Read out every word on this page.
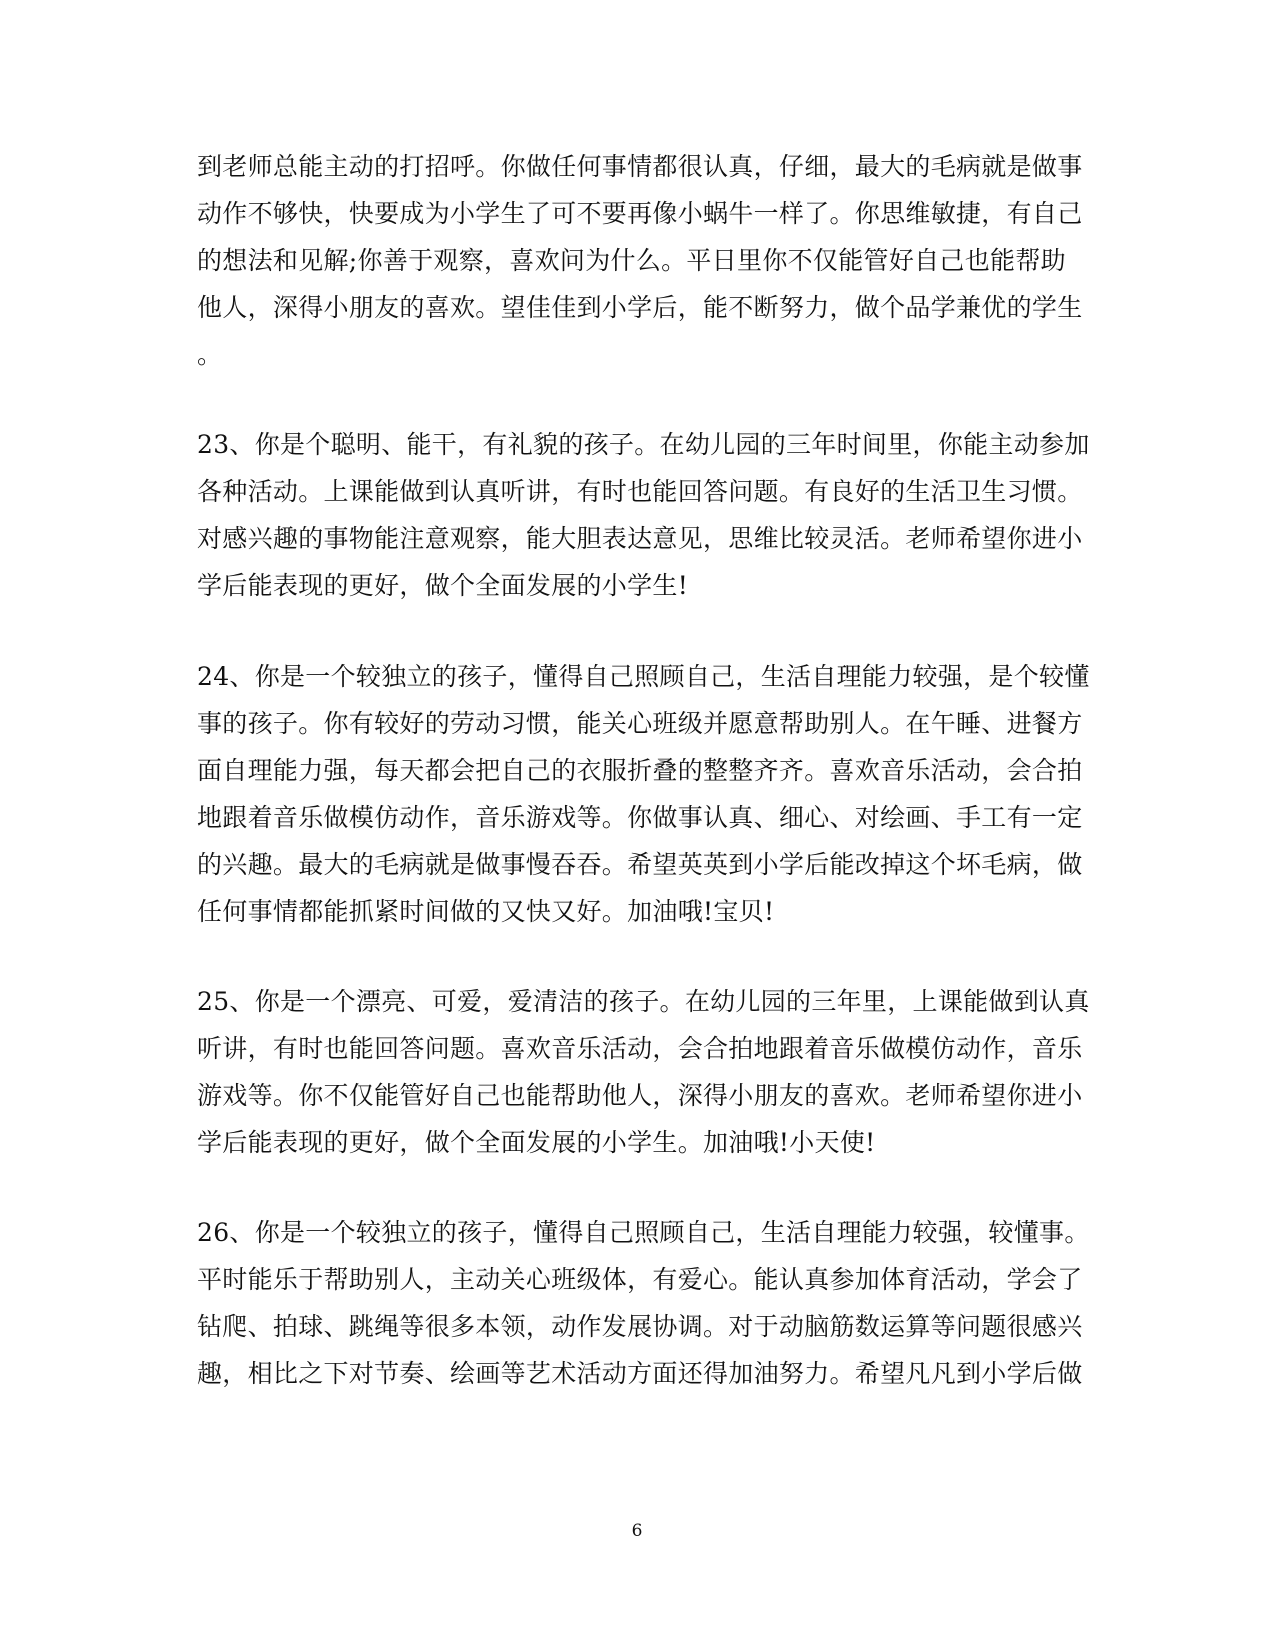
到老师总能主动的打招呼。你做任何事情都很认真，仔细，最大的毛病就是做事
动作不够快，快要成为小学生了可不要再像小蜗牛一样了。你思维敏捷，有自己
的想法和见解;你善于观察，喜欢问为什么。平日里你不仅能管好自己也能帮助
他人，深得小朋友的喜欢。望佳佳到小学后，能不断努力，做个品学兼优的学生
。
23、你是个聪明、能干，有礼貌的孩子。在幼儿园的三年时间里，你能主动参加
各种活动。上课能做到认真听讲，有时也能回答问题。有良好的生活卫生习惯。
对感兴趣的事物能注意观察，能大胆表达意见，思维比较灵活。老师希望你进小
学后能表现的更好，做个全面发展的小学生!
24、你是一个较独立的孩子，懂得自己照顾自己，生活自理能力较强，是个较懂
事的孩子。你有较好的劳动习惯，能关心班级并愿意帮助别人。在午睡、进餐方
面自理能力强，每天都会把自己的衣服折叠的整整齐齐。喜欢音乐活动，会合拍
地跟着音乐做模仿动作，音乐游戏等。你做事认真、细心、对绘画、手工有一定
的兴趣。最大的毛病就是做事慢吞吞。希望英英到小学后能改掉这个坏毛病，做
任何事情都能抓紧时间做的又快又好。加油哦!宝贝!
25、你是一个漂亮、可爱，爱清洁的孩子。在幼儿园的三年里，上课能做到认真
听讲，有时也能回答问题。喜欢音乐活动，会合拍地跟着音乐做模仿动作，音乐
游戏等。你不仅能管好自己也能帮助他人，深得小朋友的喜欢。老师希望你进小
学后能表现的更好，做个全面发展的小学生。加油哦!小天使!
26、你是一个较独立的孩子，懂得自己照顾自己，生活自理能力较强，较懂事。
平时能乐于帮助别人，主动关心班级体，有爱心。能认真参加体育活动，学会了
钻爬、拍球、跳绳等很多本领，动作发展协调。对于动脑筋数运算等问题很感兴
趣，相比之下对节奏、绘画等艺术活动方面还得加油努力。希望凡凡到小学后做
6
